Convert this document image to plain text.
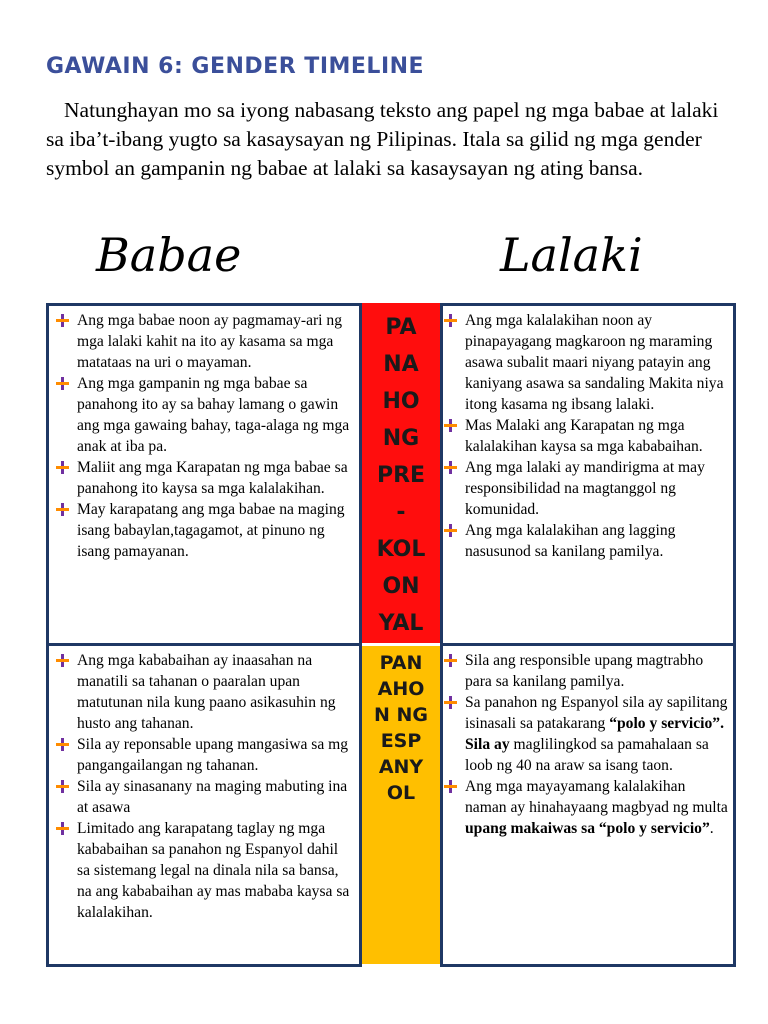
GAWAIN 6: GENDER TIMELINE

Natunghayan mo sa iyong nabasang teksto ang papel ng mga babae at lalaki sa iba’t-ibang yugto sa kasaysayan ng Pilipinas. Itala sa gilid ng mga gender symbol an gampanin ng babae at lalaki sa kasaysayan ng ating bansa.

Babae	Lalaki
Ang mga babae noon ay pagmamay-ari ng mga lalaki kahit na ito ay kasama sa mga matataas na uri o mayaman.
Ang mga gampanin ng mga babae sa panahong ito ay sa bahay lamang o gawin ang mga gawaing bahay, taga-alaga ng mga anak at iba pa.
Maliit ang mga Karapatan ng mga babae sa panahong ito kaysa sa mga kalalakihan.
May karapatang ang mga babae na maging isang babaylan,tagagamot, at pinuno ng isang pamayanan.
PA
NA
HO
NG
PRE
-
KOL
ON
YAL
Ang mga kalalakihan noon ay pinapayagang magkaroon ng maraming asawa subalit maari niyang patayin ang kaniyang asawa sa sandaling Makita niya itong kasama ng ibsang lalaki.
Mas Malaki ang Karapatan ng mga kalalakihan kaysa sa mga kababaihan.
Ang mga lalaki ay mandirigma at may responsibilidad na magtanggol ng komunidad.
Ang mga kalalakihan ang lagging nasusunod sa kanilang pamilya.
Ang mga kababaihan ay inaasahan na manatili sa tahanan o paaralan upan matutunan nila kung paano asikasuhin ng husto ang tahanan.
Sila ay reponsable upang mangasiwa sa mg pangangailangan ng tahanan.
Sila ay sinasanany na maging mabuting ina at asawa
Limitado ang karapatang taglay ng mga kababaihan sa panahon ng Espanyol dahil sa sistemang legal na dinala nila sa bansa, na ang kababaihan ay mas mababa kaysa sa kalalakihan.
PAN
AHO
N NG
ESP
ANY
OL
Sila ang responsible upang magtrabho para sa kanilang pamilya.
Sa panahon ng Espanyol sila ay sapilitang isinasali sa patakarang “polo y servicio”. Sila ay maglilingkod sa pamahalaan sa loob ng 40 na araw sa isang taon.
Ang mga mayayamang kalalakihan naman ay hinahayaang magbyad ng multa upang makaiwas sa “polo y servicio”.
